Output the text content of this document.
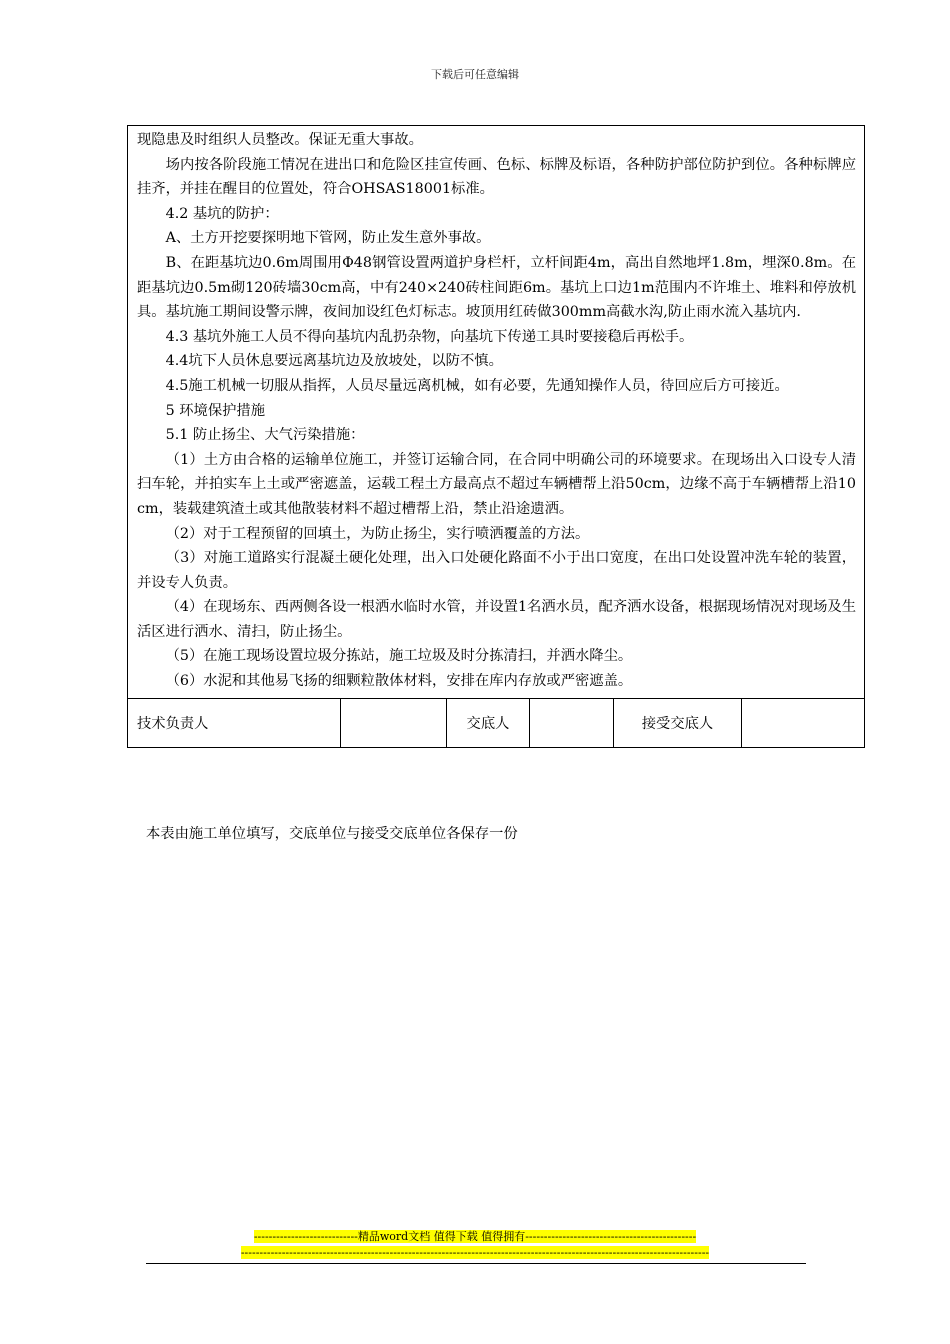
下载后可任意编辑

现隐患及时组织人员整改。保证无重大事故。

场内按各阶段施工情况在进出口和危险区挂宣传画、色标、标牌及标语，各种防护部位防护到位。各种标牌应挂齐，并挂在醒目的位置处，符合OHSAS18001标准。

4.2 基坑的防护：

A、土方开挖要探明地下管网，防止发生意外事故。

B、在距基坑边0.6m周围用Φ48钢管设置两道护身栏杆，立杆间距4m，高出自然地坪1.8m，埋深0.8m。在距基坑边0.5m砌120砖墙30cm高，中有240×240砖柱间距6m。基坑上口边1m范围内不许堆土、堆料和停放机具。基坑施工期间设警示牌，夜间加设红色灯标志。坡顶用红砖做300mm高截水沟,防止雨水流入基坑内.

4.3 基坑外施工人员不得向基坑内乱扔杂物，向基坑下传递工具时要接稳后再松手。

4.4坑下人员休息要远离基坑边及放坡处，以防不慎。

4.5施工机械一切服从指挥，人员尽量远离机械，如有必要，先通知操作人员，待回应后方可接近。

5 环境保护措施

5.1 防止扬尘、大气污染措施：

（1）土方由合格的运输单位施工，并签订运输合同，在合同中明确公司的环境要求。在现场出入口设专人清扫车轮，并拍实车上土或严密遮盖，运载工程土方最高点不超过车辆槽帮上沿50cm，边缘不高于车辆槽帮上沿10cm，装载建筑渣土或其他散装材料不超过槽帮上沿，禁止沿途遗洒。

（2）对于工程预留的回填土，为防止扬尘，实行喷洒覆盖的方法。

（3）对施工道路实行混凝土硬化处理，出入口处硬化路面不小于出口宽度，在出口处设置冲洗车轮的装置，并设专人负责。

（4）在现场东、西两侧各设一根洒水临时水管，并设置1名洒水员，配齐洒水设备，根据现场情况对现场及生活区进行洒水、清扫，防止扬尘。

（5）在施工现场设置垃圾分拣站，施工垃圾及时分拣清扫，并洒水降尘。

（6）水泥和其他易飞扬的细颗粒散体材料，安排在库内存放或严密遮盖。

技术负责人	交底人	接受交底人
本表由施工单位填写，交底单位与接受交底单位各保存一份
----------------------------精品word文档 值得下载 值得拥有----------------------------------------------
------------------------------------------------------------------------------------------------------------------------------
